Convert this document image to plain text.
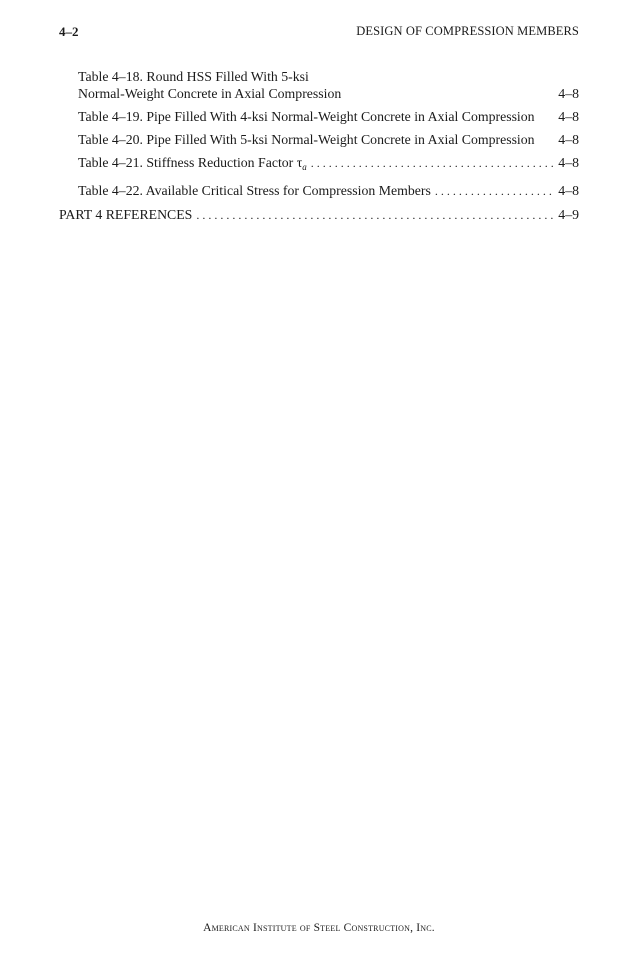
4–2	DESIGN OF COMPRESSION MEMBERS
Table 4–18. Round HSS Filled With 5-ksi
Normal-Weight Concrete in Axial Compression	4–8
Table 4–19. Pipe Filled With 4-ksi Normal-Weight Concrete in Axial Compression 4–8
Table 4–20. Pipe Filled With 5-ksi Normal-Weight Concrete in Axial Compression 4–8
Table 4–21. Stiffness Reduction Factor $\tau_a$ . . .	4–8
Table 4–22. Available Critical Stress for Compression Members . . .	4–8
PART 4 REFERENCES . . .	4–9
American Institute of Steel Construction, Inc.
